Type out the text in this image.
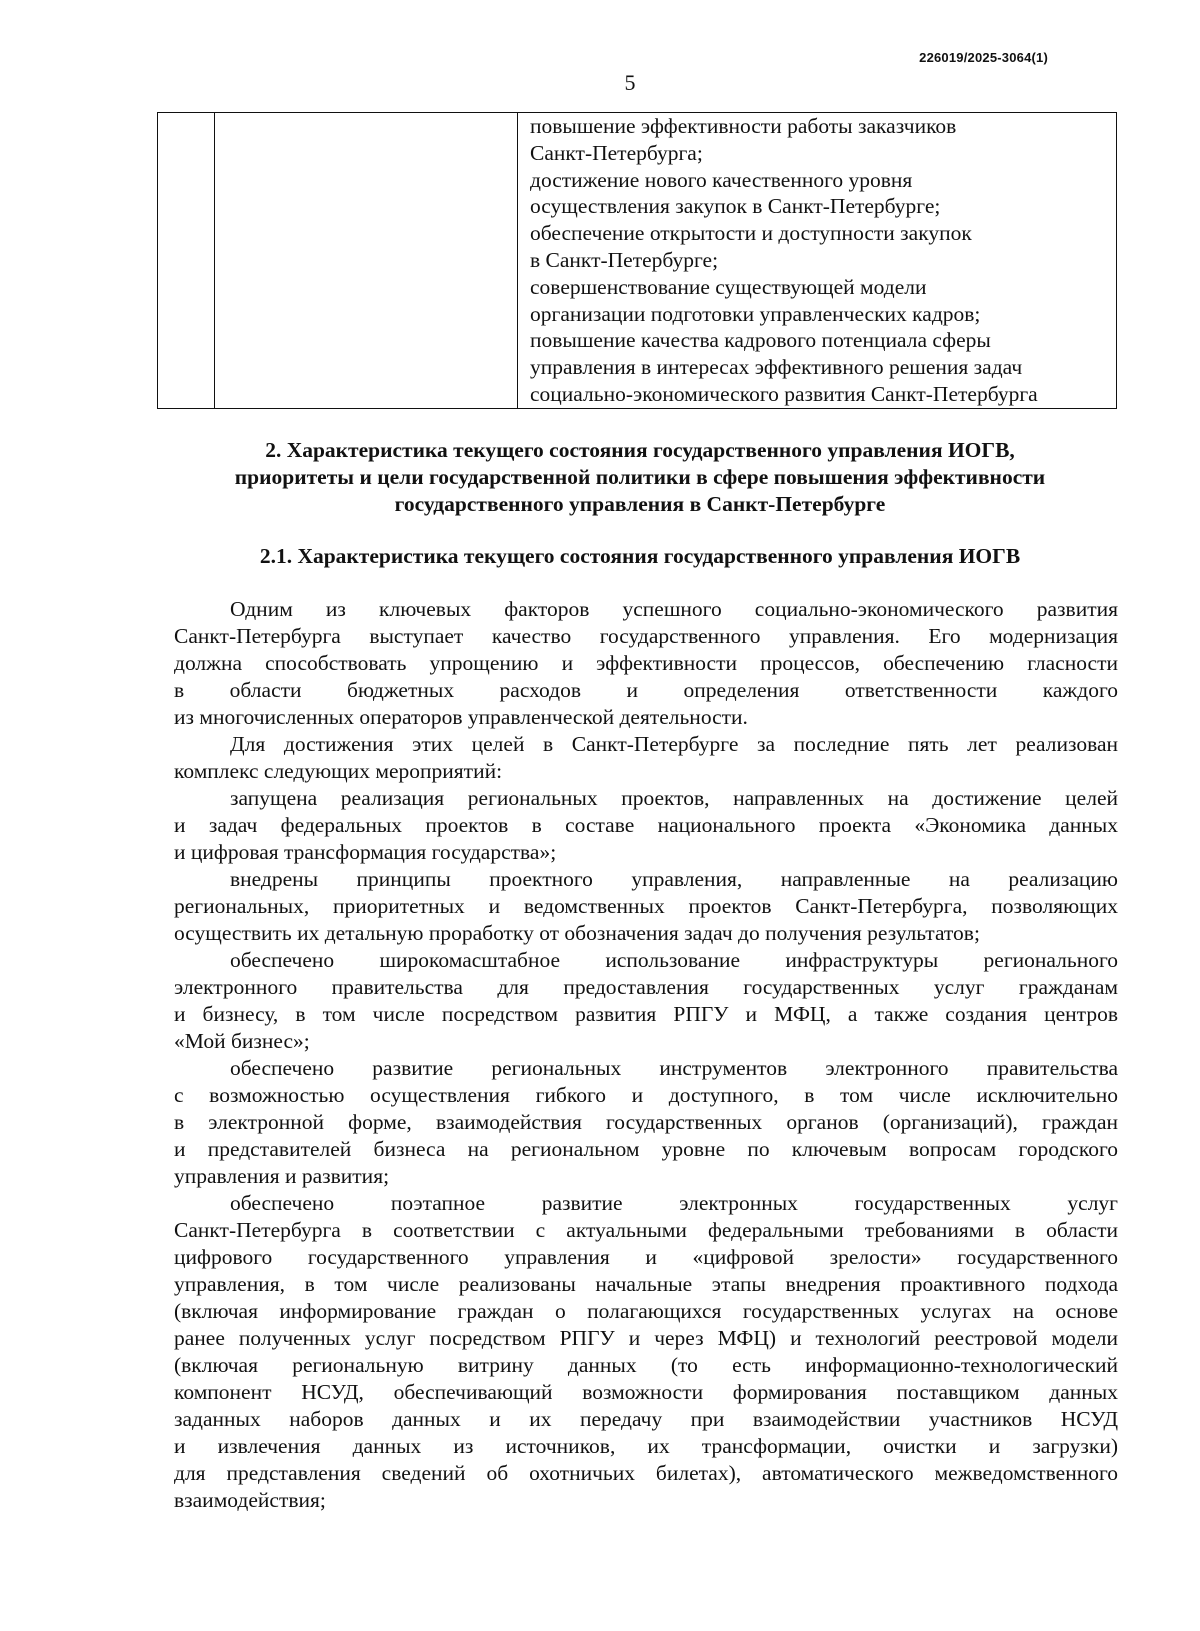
226019/2025-3064(1)
5

повышение эффективности работы заказчиков
Санкт-Петербурга;
достижение нового качественного уровня
осуществления закупок в Санкт-Петербурге;
обеспечение открытости и доступности закупок
в Санкт-Петербурге;
совершенствование существующей модели
организации подготовки управленческих кадров;
повышение качества кадрового потенциала сферы
управления в интересах эффективного решения задач
социально-экономического развития Санкт-Петербурга
2. Характеристика текущего состояния государственного управления ИОГВ,
приоритеты и цели государственной политики в сфере повышения эффективности
государственного управления в Санкт-Петербурге
2.1. Характеристика текущего состояния государственного управления ИОГВ
Одним из ключевых факторов успешного социально-экономического развития
Санкт-Петербурга выступает качество государственного управления. Его модернизация
должна способствовать упрощению и эффективности процессов, обеспечению гласности
в области бюджетных расходов и определения ответственности каждого
из многочисленных операторов управленческой деятельности.
Для достижения этих целей в Санкт-Петербурге за последние пять лет реализован
комплекс следующих мероприятий:
запущена реализация региональных проектов, направленных на достижение целей
и задач федеральных проектов в составе национального проекта «Экономика данных
и цифровая трансформация государства»;
внедрены принципы проектного управления, направленные на реализацию
региональных, приоритетных и ведомственных проектов Санкт-Петербурга, позволяющих
осуществить их детальную проработку от обозначения задач до получения результатов;
обеспечено широкомасштабное использование инфраструктуры регионального
электронного правительства для предоставления государственных услуг гражданам
и бизнесу, в том числе посредством развития РПГУ и МФЦ, а также создания центров
«Мой бизнес»;
обеспечено развитие региональных инструментов электронного правительства
с возможностью осуществления гибкого и доступного, в том числе исключительно
в электронной форме, взаимодействия государственных органов (организаций), граждан
и представителей бизнеса на региональном уровне по ключевым вопросам городского
управления и развития;
обеспечено поэтапное развитие электронных государственных услуг
Санкт-Петербурга в соответствии с актуальными федеральными требованиями в области
цифрового государственного управления и «цифровой зрелости» государственного
управления, в том числе реализованы начальные этапы внедрения проактивного подхода
(включая информирование граждан о полагающихся государственных услугах на основе
ранее полученных услуг посредством РПГУ и через МФЦ) и технологий реестровой модели
(включая региональную витрину данных (то есть информационно-технологический
компонент НСУД, обеспечивающий возможности формирования поставщиком данных
заданных наборов данных и их передачу при взаимодействии участников НСУД
и извлечения данных из источников, их трансформации, очистки и загрузки)
для представления сведений об охотничьих билетах), автоматического межведомственного
взаимодействия;
